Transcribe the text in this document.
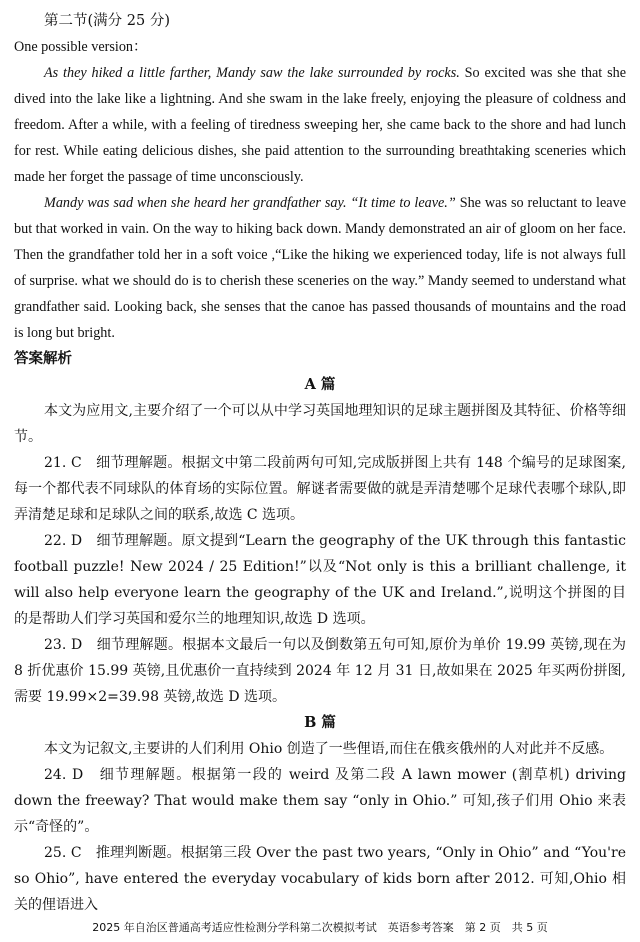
第二节(满分 25 分)

One possible version：

As they hiked a little farther, Mandy saw the lake surrounded by rocks. So excited was she that she dived into the lake like a lightning. And she swam in the lake freely, enjoying the pleasure of coldness and freedom. After a while, with a feeling of tiredness sweeping her, she came back to the shore and had lunch for rest. While eating delicious dishes, she paid attention to the surrounding breathtaking sceneries which made her forget the passage of time unconsciously.

Mandy was sad when she heard her grandfather say. “It time to leave.” She was so reluctant to leave but that worked in vain. On the way to hiking back down. Mandy demonstrated an air of gloom on her face. Then the grandfather told her in a soft voice ,“Like the hiking we experienced today, life is not always full of surprise. what we should do is to cherish these sceneries on the way.” Mandy seemed to understand what grandfather said. Looking back, she senses that the canoe has passed thousands of mountains and the road is long but bright.

答案解析

A 篇

本文为应用文,主要介绍了一个可以从中学习英国地理知识的足球主题拼图及其特征、价格等细节。

21. C　细节理解题。根据文中第二段前两句可知,完成版拼图上共有 148 个编号的足球图案,每一个都代表不同球队的体育场的实际位置。解谜者需要做的就是弄清楚哪个足球代表哪个球队,即弄清楚足球和足球队之间的联系,故选 C 选项。

22. D　细节理解题。原文提到“Learn the geography of the UK through this fantastic football puzzle! New 2024 / 25 Edition!”以及“Not only is this a brilliant challenge, it will also help everyone learn the geography of the UK and Ireland.”,说明这个拼图的目的是帮助人们学习英国和爱尔兰的地理知识,故选 D 选项。

23. D　细节理解题。根据本文最后一句以及倒数第五句可知,原价为单价 19.99 英镑,现在为 8 折优惠价 15.99 英镑,且优惠价一直持续到 2024 年 12 月 31 日,故如果在 2025 年买两份拼图,需要 19.99×2=39.98 英镑,故选 D 选项。

B 篇

本文为记叙文,主要讲的人们利用 Ohio 创造了一些俚语,而住在俄亥俄州的人对此并不反感。

24. D　细节理解题。根据第一段的 weird 及第二段 A lawn mower (割草机) driving down the freeway? That would make them say “only in Ohio.” 可知,孩子们用 Ohio 来表示“奇怪的”。

25. C　推理判断题。根据第三段 Over the past two years, “Only in Ohio” and “You're so Ohio”, have entered the everyday vocabulary of kids born after 2012. 可知,Ohio 相关的俚语进入

2025 年自治区普通高考适应性检测分学科第二次模拟考试　英语参考答案　第 2 页　共 5 页
